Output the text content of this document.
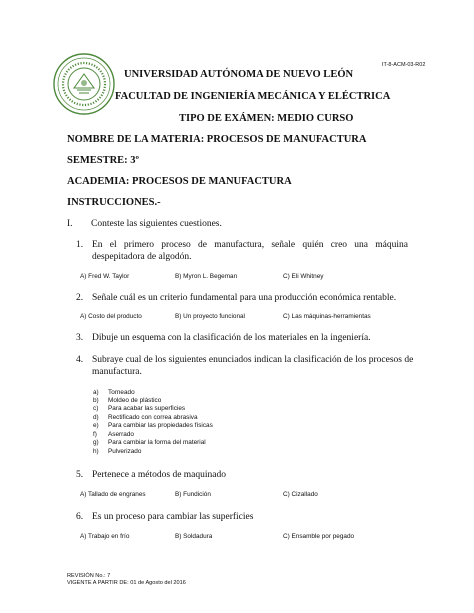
IT-8-ACM-03-R02
UNIVERSIDAD AUTÓNOMA DE NUEVO LEÓN
FACULTAD DE INGENIERÍA MECÁNICA Y ELÉCTRICA
TIPO DE EXÁMEN: MEDIO CURSO
NOMBRE DE LA MATERIA: PROCESOS DE MANUFACTURA
SEMESTRE: 3º
ACADEMIA: PROCESOS DE MANUFACTURA
INSTRUCCIONES.-
I. Conteste las siguientes cuestiones.
1. En el primero proceso de manufactura, señale quién creo una máquina
despepitadora de algodón.
A) Fred W. Taylor	B) Myron L. Begeman	C) Eli Whitney
2. Señale cuál es un criterio fundamental para una producción económica rentable.
A) Costo del producto	B) Un proyecto funcional	C) Las máquinas-herramientas
3. Dibuje un esquema con la clasificación de los materiales en la ingeniería.
4. Subraye cual de los siguientes enunciados indican la clasificación de los procesos de
manufactura.
a) Torneado
b) Moldeo de plástico
c) Para acabar las superficies
d) Rectificado con correa abrasiva
e) Para cambiar las propiedades físicas
f) Aserrado
g) Para cambiar la forma del material
h) Pulverizado
5. Pertenece a métodos de maquinado
A) Tallado de engranes	B) Fundición	C) Cizallado
6. Es un proceso para cambiar las superficies
A) Trabajo en frío	B) Soldadura	C) Ensamble por pegado
REVISIÓN No.: 7
VIGENTE A PARTIR DE: 01 de Agosto del 2016
